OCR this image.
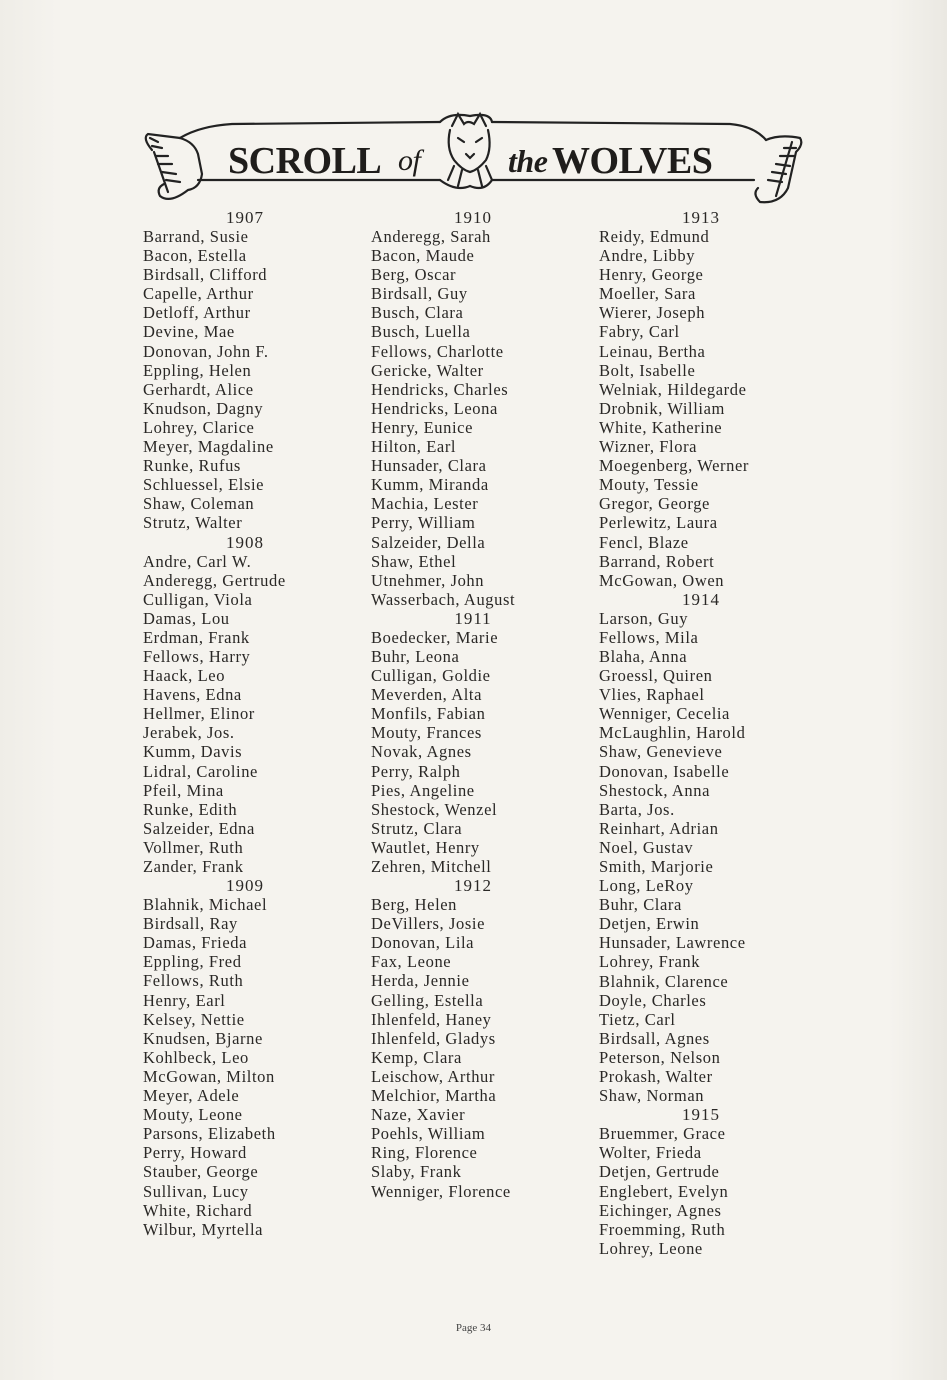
SCROLL of	the WOLVES
1907
Barrand, Susie
Bacon, Estella
Birdsall, Clifford
Capelle, Arthur
Detloff, Arthur
Devine, Mae
Donovan, John F.
Eppling, Helen
Gerhardt, Alice
Knudson, Dagny
Lohrey, Clarice
Meyer, Magdaline
Runke, Rufus
Schluessel, Elsie
Shaw, Coleman
Strutz, Walter
1908
Andre, Carl W.
Anderegg, Gertrude
Culligan, Viola
Damas, Lou
Erdman, Frank
Fellows, Harry
Haack, Leo
Havens, Edna
Hellmer, Elinor
Jerabek, Jos.
Kumm, Davis
Lidral, Caroline
Pfeil, Mina
Runke, Edith
Salzeider, Edna
Vollmer, Ruth
Zander, Frank
1909
Blahnik, Michael
Birdsall, Ray
Damas, Frieda
Eppling, Fred
Fellows, Ruth
Henry, Earl
Kelsey, Nettie
Knudsen, Bjarne
Kohlbeck, Leo
McGowan, Milton
Meyer, Adele
Mouty, Leone
Parsons, Elizabeth
Perry, Howard
Stauber, George
Sullivan, Lucy
White, Richard
Wilbur, Myrtella
1910
Anderegg, Sarah
Bacon, Maude
Berg, Oscar
Birdsall, Guy
Busch, Clara
Busch, Luella
Fellows, Charlotte
Gericke, Walter
Hendricks, Charles
Hendricks, Leona
Henry, Eunice
Hilton, Earl
Hunsader, Clara
Kumm, Miranda
Machia, Lester
Perry, William
Salzeider, Della
Shaw, Ethel
Utnehmer, John
Wasserbach, August
1911
Boedecker, Marie
Buhr, Leona
Culligan, Goldie
Meverden, Alta
Monfils, Fabian
Mouty, Frances
Novak, Agnes
Perry, Ralph
Pies, Angeline
Shestock, Wenzel
Strutz, Clara
Wautlet, Henry
Zehren, Mitchell
1912
Berg, Helen
DeVillers, Josie
Donovan, Lila
Fax, Leone
Herda, Jennie
Gelling, Estella
Ihlenfeld, Haney
Ihlenfeld, Gladys
Kemp, Clara
Leischow, Arthur
Melchior, Martha
Naze, Xavier
Poehls, William
Ring, Florence
Slaby, Frank
Wenniger, Florence
1913
Reidy, Edmund
Andre, Libby
Henry, George
Moeller, Sara
Wierer, Joseph
Fabry, Carl
Leinau, Bertha
Bolt, Isabelle
Welniak, Hildegarde
Drobnik, William
White, Katherine
Wizner, Flora
Moegenberg, Werner
Mouty, Tessie
Gregor, George
Perlewitz, Laura
Fencl, Blaze
Barrand, Robert
McGowan, Owen
1914
Larson, Guy
Fellows, Mila
Blaha, Anna
Groessl, Quiren
Vlies, Raphael
Wenniger, Cecelia
McLaughlin, Harold
Shaw, Genevieve
Donovan, Isabelle
Shestock, Anna
Barta, Jos.
Reinhart, Adrian
Noel, Gustav
Smith, Marjorie
Long, LeRoy
Buhr, Clara
Detjen, Erwin
Hunsader, Lawrence
Lohrey, Frank
Blahnik, Clarence
Doyle, Charles
Tietz, Carl
Birdsall, Agnes
Peterson, Nelson
Prokash, Walter
Shaw, Norman
1915
Bruemmer, Grace
Wolter, Frieda
Detjen, Gertrude
Englebert, Evelyn
Eichinger, Agnes
Froemming, Ruth
Lohrey, Leone
Page 34
